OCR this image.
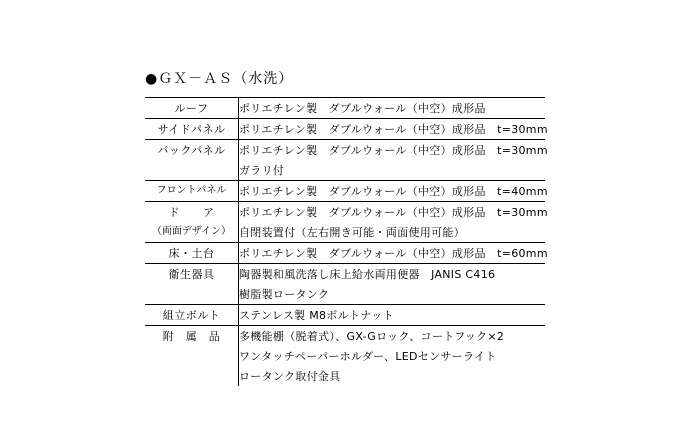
●ＧＸ－ＡＳ（水洗）
ルーフ	ポリエチレン製　ダブルウォール（中空）成形品
サイドパネル	ポリエチレン製　ダブルウォール（中空）成形品　t=30mm
バックパネル	ポリエチレン製　ダブルウォール（中空）成形品　t=30mm
	ガラリ付
フロントパネル	ポリエチレン製　ダブルウォール（中空）成形品　t=40mm
ド　　ア	ポリエチレン製　ダブルウォール（中空）成形品　t=30mm
（両面デザイン）	自閉装置付（左右開き可能・両面使用可能）
床・土台	ポリエチレン製　ダブルウォール（中空）成形品　t=60mm
衛生器具	陶器製和風洗落し床上給水両用便器　JANIS C416
	樹脂製ロータンク
組立ボルト	ステンレス製 M8ボルトナット
附　属　品	多機能棚（脱着式）、GX-Gロック、コートフック×2
	ワンタッチペーパーホルダー、LEDセンサーライト
	ロータンク取付金具
